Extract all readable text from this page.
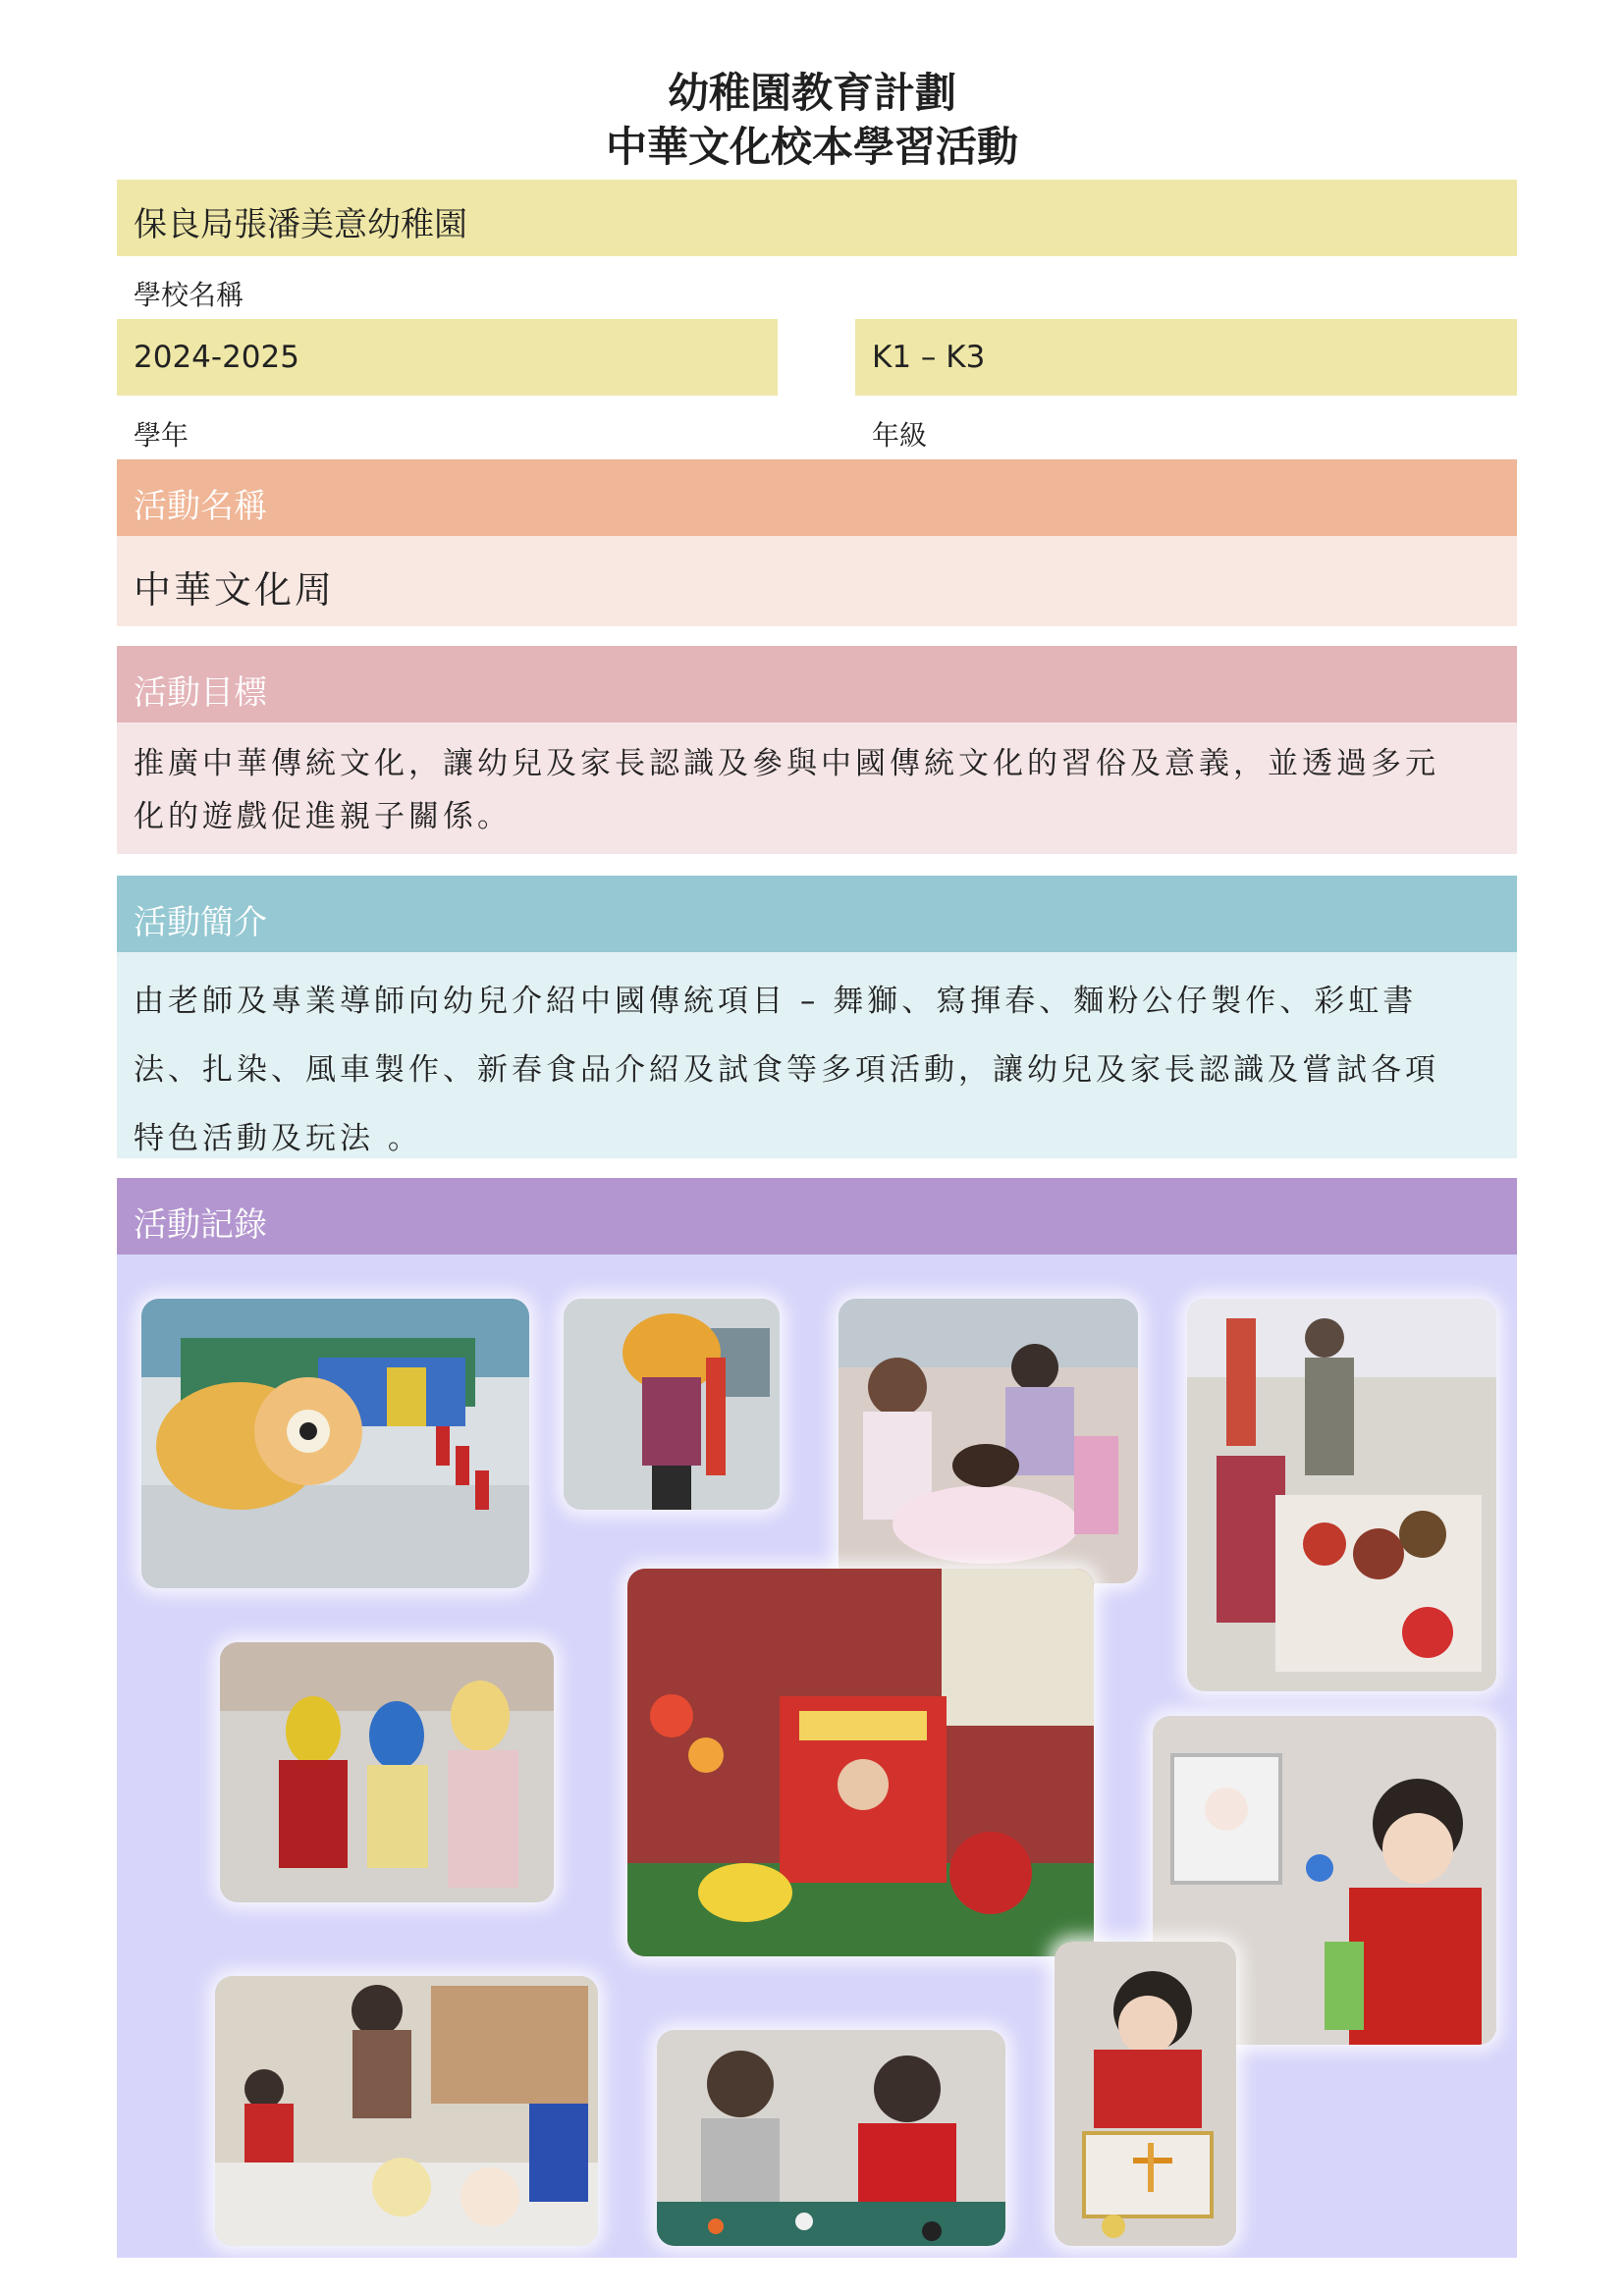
幼稚園教育計劃
中華文化校本學習活動
保良局張潘美意幼稚園
學校名稱
2024-2025
學年
K1 – K3
年級
活動名稱
中華文化周
活動目標
推廣中華傳統文化，讓幼兒及家長認識及參與中國傳統文化的習俗及意義，並透過多元
化的遊戲促進親子關係。
活動簡介
由老師及專業導師向幼兒介紹中國傳統項目 – 舞獅、寫揮春、麵粉公仔製作、彩虹書
法、扎染、風車製作、新春食品介紹及試食等多項活動，讓幼兒及家長認識及嘗試各項
特色活動及玩法 。
活動記錄
